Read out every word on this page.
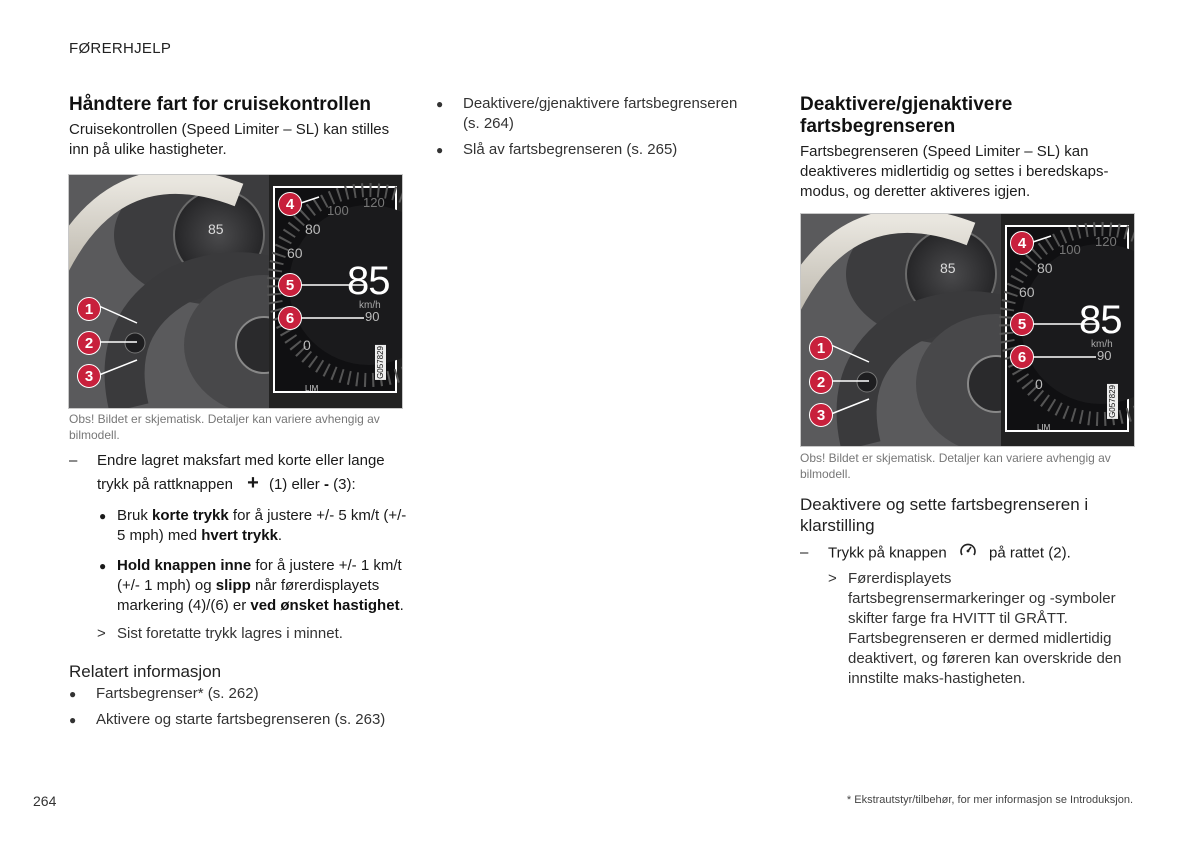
FØRERHJELP
Håndtere fart for cruisekontrollen

Cruisekontrollen (Speed Limiter – SL) kan stilles inn på ulike hastigheter.

85
85
km/h
120
100
80
60
90
0
LIM
G057829
1
2
3
4
5
6
Obs! Bildet er skjematisk. Detaljer kan variere avhengig av bilmodell.
– Endre lagret maksfart med korte eller lange trykk på rattknappen + (1) eller - (3):
● Bruk korte trykk for å justere +/- 5 km/t (+/- 5 mph) med hvert trykk.
● Hold knappen inne for å justere +/- 1 km/t (+/- 1 mph) og slipp når førerdisplayets markering (4)/(6) er ved ønsket hastighet.
> Sist foretatte trykk lagres i minnet.
Relatert informasjon
● Fartsbegrenser* (s. 262)
● Aktivere og starte fartsbegrenseren (s. 263)
● Deaktivere/gjenaktivere fartsbegrenseren (s. 264)
● Slå av fartsbegrenseren (s. 265)
Deaktivere/gjenaktivere fartsbegrenseren

Fartsbegrenseren (Speed Limiter – SL) kan deaktiveres midlertidig og settes i beredskaps-modus, og deretter aktiveres igjen.

85
85
km/h
120
100
80
60
90
0
LIM
G057829
1
2
3
4
5
6
Obs! Bildet er skjematisk. Detaljer kan variere avhengig av bilmodell.
Deaktivere og sette fartsbegrenseren i klarstilling
– Trykk på knappen	på rattet (2).
> Førerdisplayets fartsbegrensermarkeringer og -symboler skifter farge fra HVITT til GRÅTT. Fartsbegrenseren er dermed midlertidig deaktivert, og føreren kan overskride den innstilte maks-hastigheten.
264	* Ekstrautstyr/tilbehør, for mer informasjon se Introduksjon.
